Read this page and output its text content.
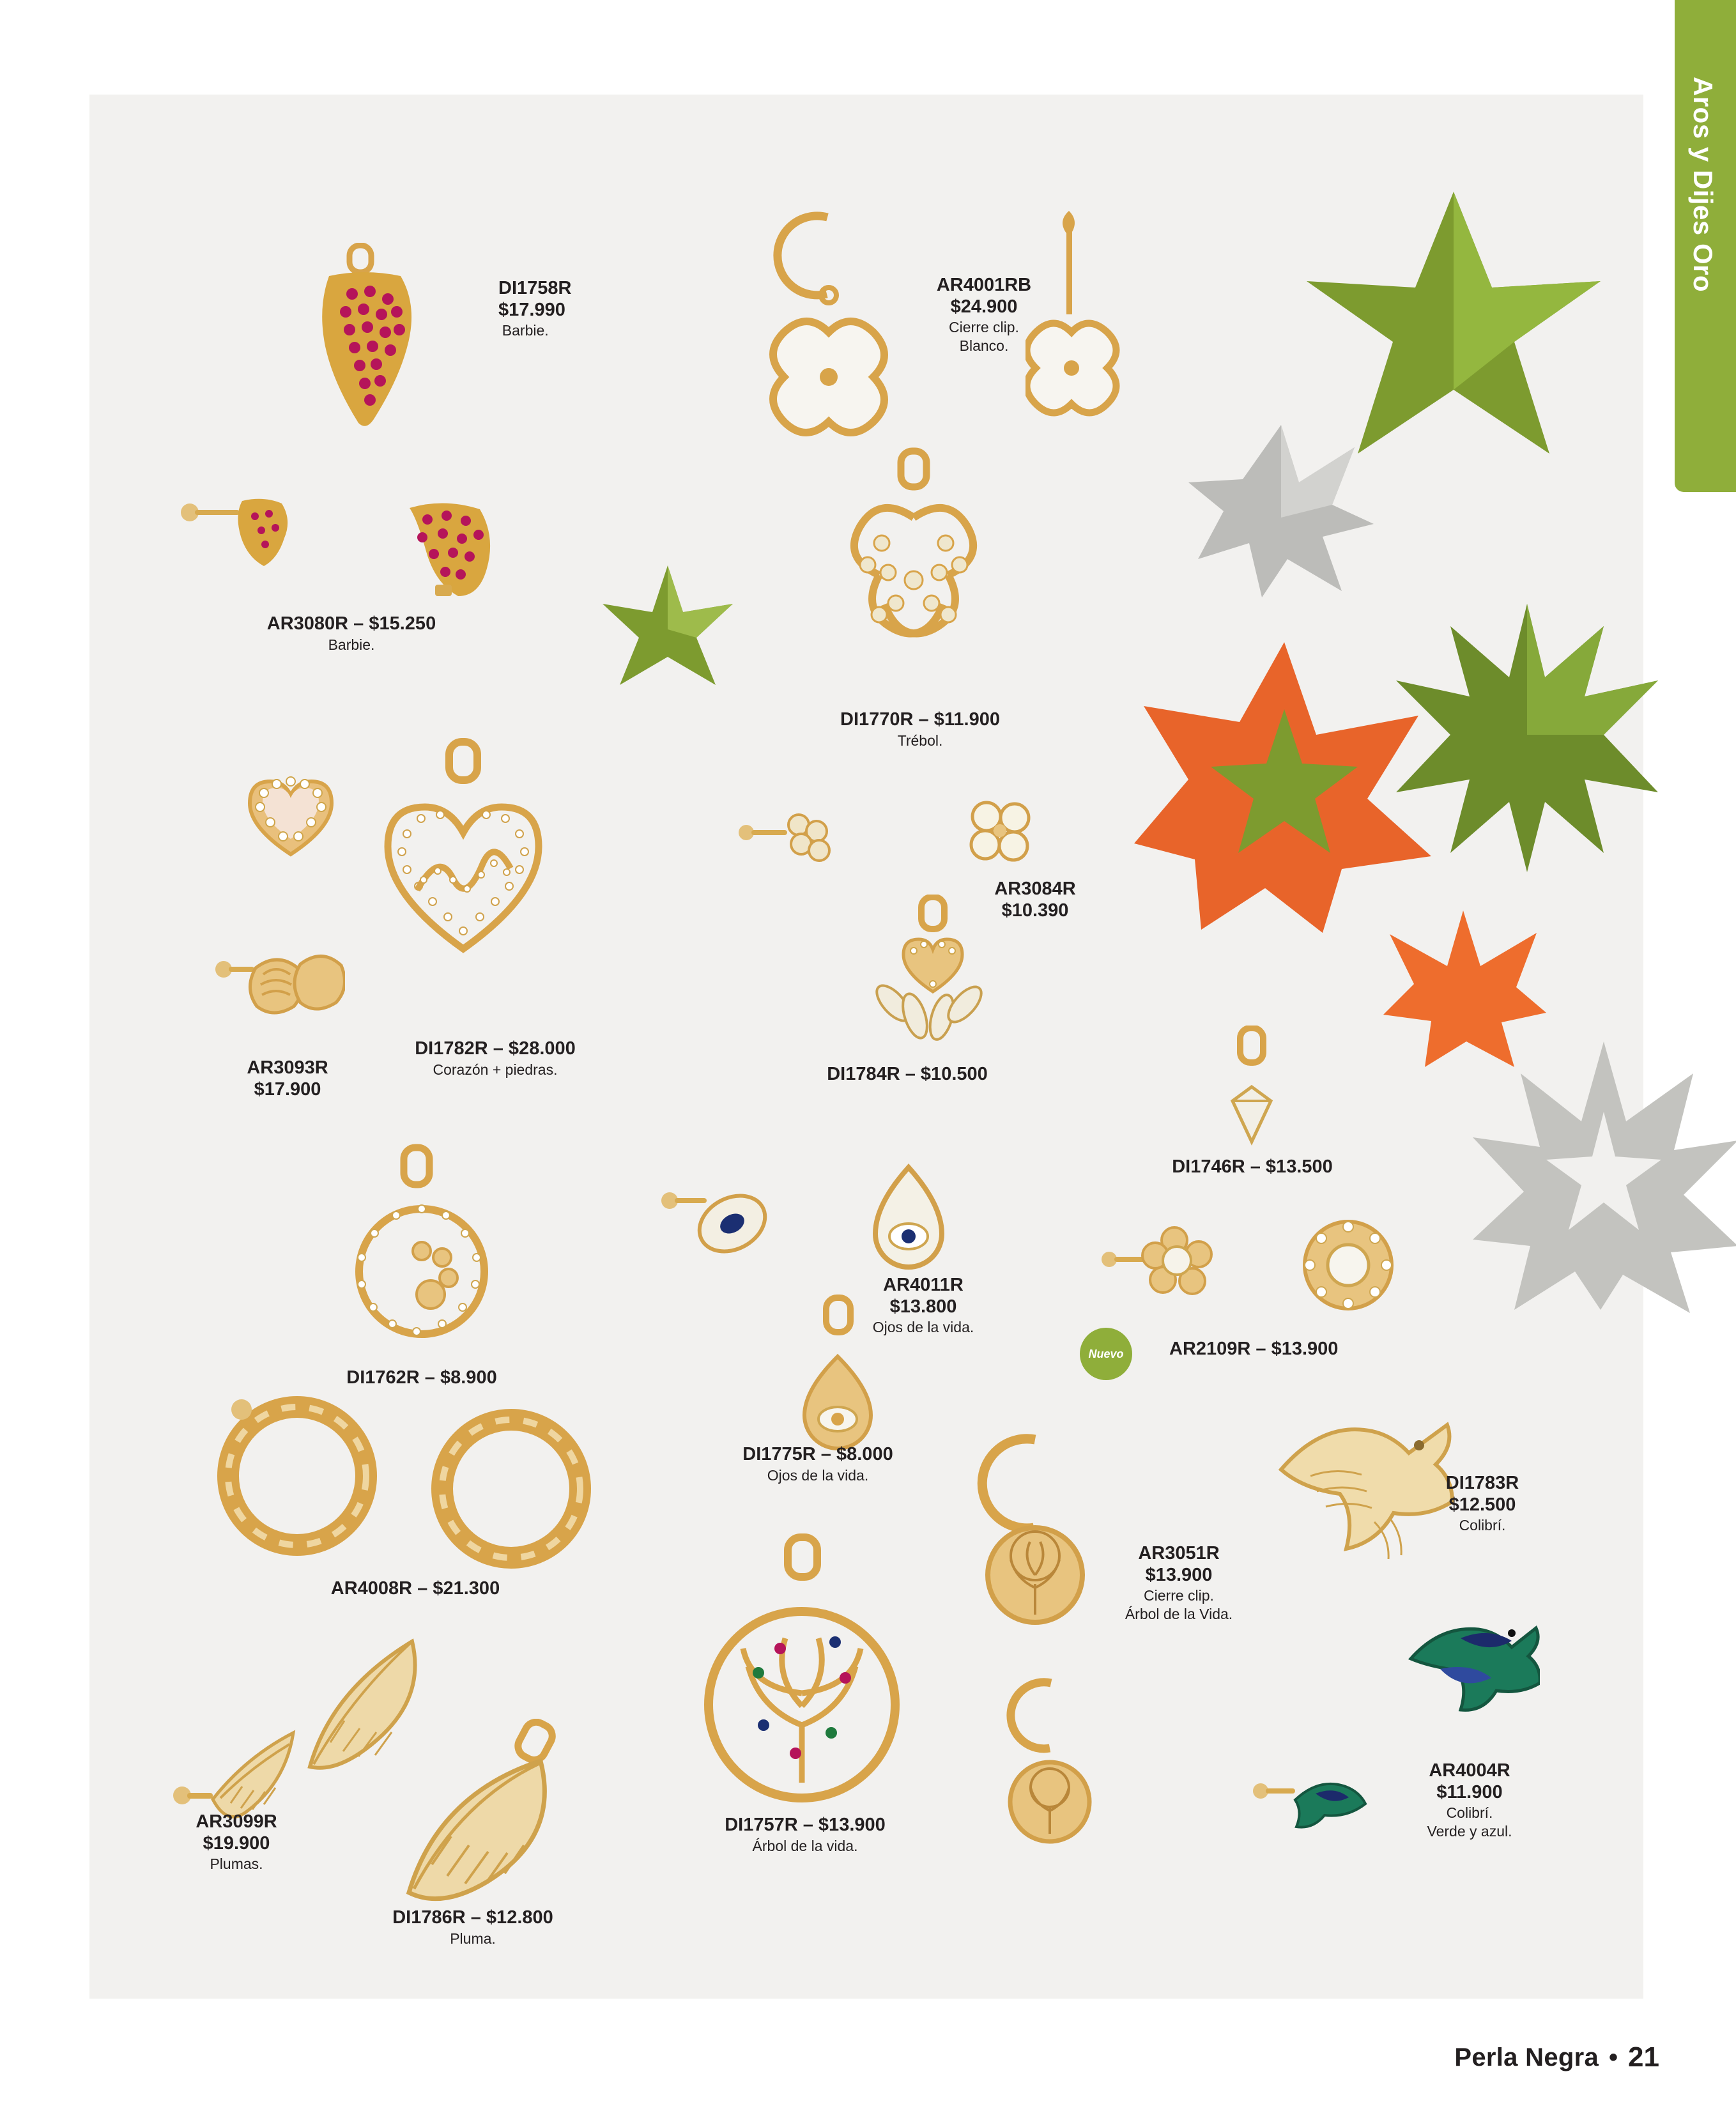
DI1758R
$17.990
Barbie.
AR4001RB
$24.900
Cierre clip.
Blanco.
AR3080R – $15.250
Barbie.
DI1770R – $11.900
Trébol.
AR3084R
$10.390
DI1782R – $28.000
Corazón + piedras.
AR3093R
$17.900
DI1784R – $10.500
DI1746R – $13.500
AR4011R
$13.800
Ojos de la vida.
Nuevo AR2109R – $13.900
DI1762R – $8.900
DI1775R – $8.000
Ojos de la vida.
AR4008R – $21.300
AR3051R
$13.900
Cierre clip.
Árbol de la Vida.
DI1783R
$12.500
Colibrí.
DI1757R – $13.900
Árbol de la vida.
AR4004R
$11.900
Colibrí.
Verde y azul.
AR3099R
$19.900
Plumas.
DI1786R – $12.800
Pluma.
Aros y Dijes Oro
Perla Negra • 21
